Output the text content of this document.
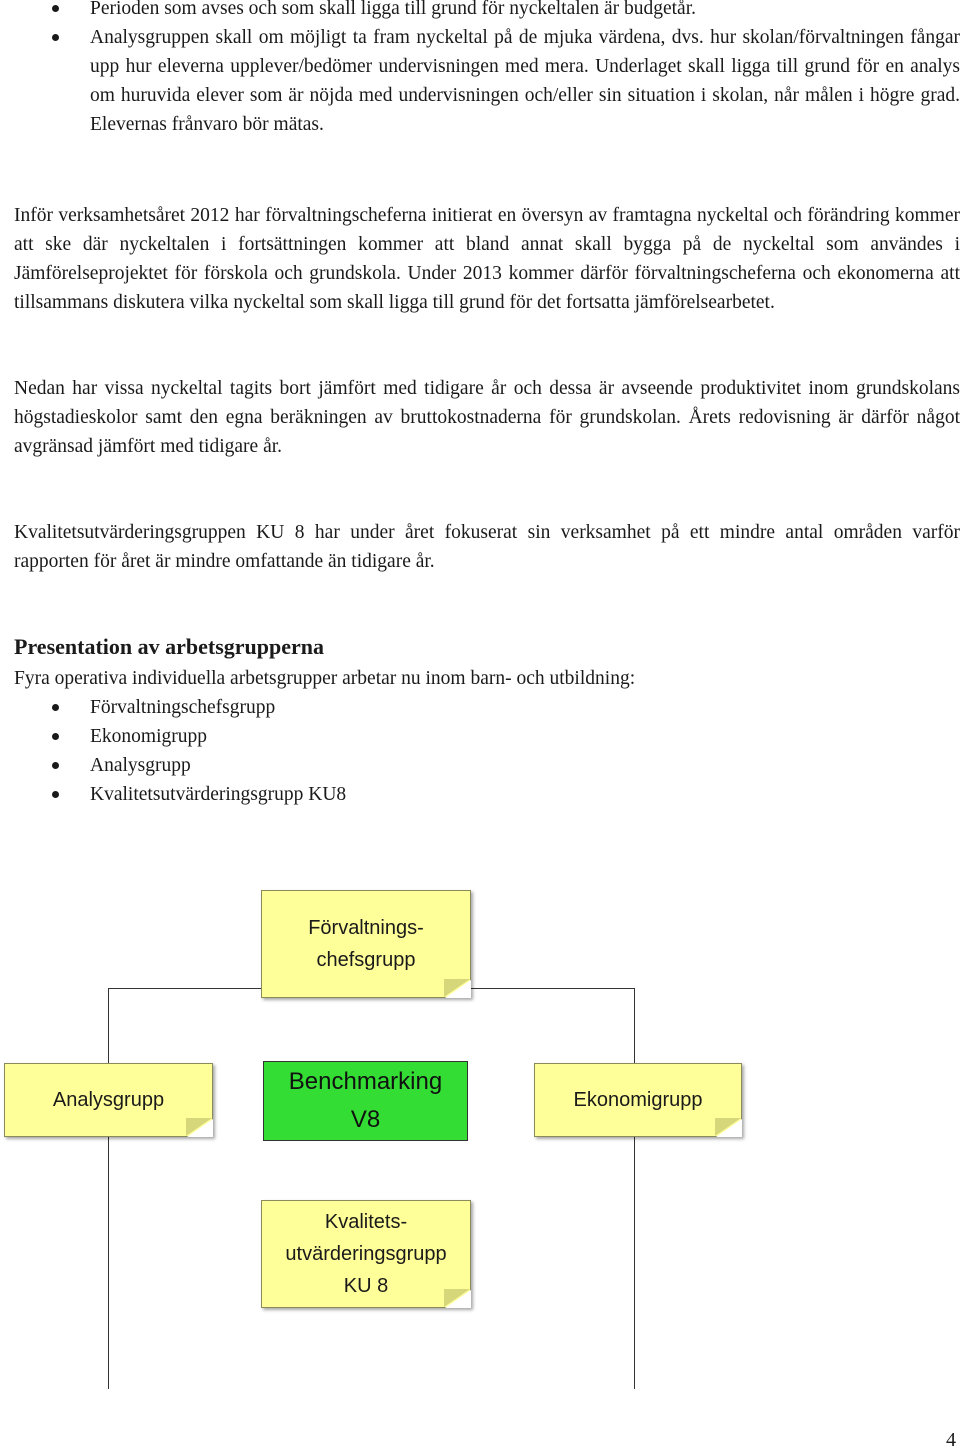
Perioden som avses och som skall ligga till grund för nyckeltalen är budgetår.
Analysgruppen skall om möjligt ta fram nyckeltal på de mjuka värdena, dvs. hur skolan/förvaltningen fångar upp hur eleverna upplever/bedömer undervisningen med mera. Underlaget skall ligga till grund för en analys om huruvida elever som är nöjda med undervisningen och/eller sin situation i skolan, når målen i högre grad. Elevernas frånvaro bör mätas.

Inför verksamhetsåret 2012 har förvaltningscheferna initierat en översyn av framtagna nyckeltal och förändring kommer att ske där nyckeltalen i fortsättningen kommer att bland annat skall bygga på de nyckeltal som användes i Jämförelseprojektet för förskola och grundskola. Under 2013 kommer därför förvaltningscheferna och ekonomerna att tillsammans diskutera vilka nyckeltal som skall ligga till grund för det fortsatta jämförelsearbetet.

Nedan har vissa nyckeltal tagits bort jämfört med tidigare år och dessa är avseende produktivitet inom grundskolans högstadieskolor samt den egna beräkningen av bruttokostnaderna för grundskolan. Årets redovisning är därför något avgränsad jämfört med tidigare år.

Kvalitetsutvärderingsgruppen KU 8 har under året fokuserat sin verksamhet på ett mindre antal områden varför rapporten för året är mindre omfattande än tidigare år.

Presentation av arbetsgrupperna

Fyra operativa individuella arbetsgrupper arbetar nu inom barn- och utbildning:

Förvaltningschefsgrupp
Ekonomigrupp
Analysgrupp
Kvalitetsutvärderingsgrupp KU8
Förvaltnings-
chefsgrupp
Analysgrupp
Benchmarking
V8
Ekonomigrupp
Kvalitets-
utvärderingsgrupp
KU 8

4
